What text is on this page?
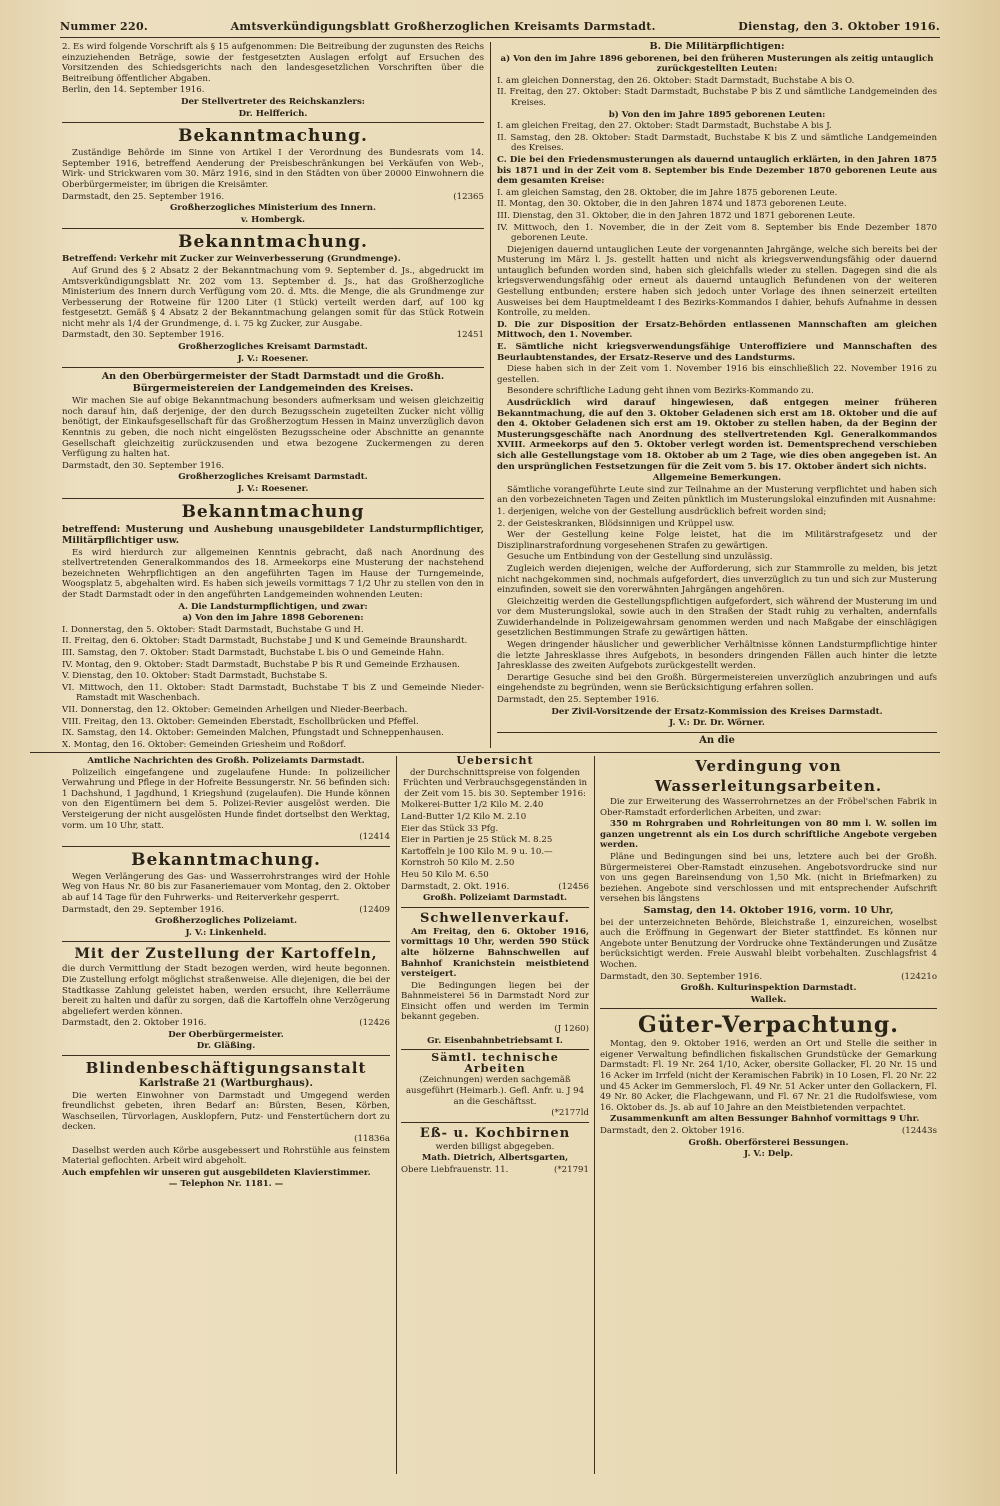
Nummer 220.	Amtsverkündigungsblatt Großherzoglichen Kreisamts Darmstadt.	Dienstag, den 3. Oktober 1916.

2. Es wird folgende Vorschrift als § 15 aufgenommen: Die Beitreibung der zugunsten des Reichs einzuziehenden Beträge, sowie der festgesetzten Auslagen erfolgt auf Ersuchen des Vorsitzenden des Schiedsgerichts nach den landesgesetzlichen Vorschriften über die Beitreibung öffentlicher Abgaben.

Berlin, den 14. September 1916.

Der Stellvertreter des Reichskanzlers:

Dr. Helfferich.

Bekanntmachung.

Zuständige Behörde im Sinne von Artikel I der Verordnung des Bundesrats vom 14. September 1916, betreffend Aenderung der Preisbeschränkungen bei Verkäufen von Web-, Wirk- und Strickwaren vom 30. März 1916, sind in den Städten von über 20000 Einwohnern die Oberbürgermeister, im übrigen die Kreisämter.

Darmstadt, den 25. September 1916.	(12365

Großherzogliches Ministerium des Innern.

v. Hombergk.

Bekanntmachung.

Betreffend: Verkehr mit Zucker zur Weinverbesserung (Grundmenge).

Auf Grund des § 2 Absatz 2 der Bekanntmachung vom 9. September d. Js., abgedruckt im Amtsverkündigungsblatt Nr. 202 vom 13. September d. Js., hat das Großherzogliche Ministerium des Innern durch Verfügung vom 20. d. Mts. die Menge, die als Grundmenge zur Verbesserung der Rotweine für 1200 Liter (1 Stück) verteilt werden darf, auf 100 kg festgesetzt. Gemäß § 4 Absatz 2 der Bekanntmachung gelangen somit für das Stück Rotwein nicht mehr als 1/4 der Grundmenge, d. i. 75 kg Zucker, zur Ausgabe.

Darmstadt, den 30. September 1916.	12451

Großherzogliches Kreisamt Darmstadt.

J. V.: Roesener.

An den Oberbürgermeister der Stadt Darmstadt und die Großh. Bürgermeistereien der Landgemeinden des Kreises.

Wir machen Sie auf obige Bekanntmachung besonders aufmerksam und weisen gleichzeitig noch darauf hin, daß derjenige, der den durch Bezugsschein zugeteilten Zucker nicht völlig benötigt, der Einkaufsgesellschaft für das Großherzogtum Hessen in Mainz unverzüglich davon Kenntnis zu geben, die noch nicht eingelösten Bezugsscheine oder Abschnitte an genannte Gesellschaft gleichzeitig zurückzusenden und etwa bezogene Zuckermengen zu deren Verfügung zu halten hat.

Darmstadt, den 30. September 1916.

Großherzogliches Kreisamt Darmstadt.

J. V.: Roesener.

Bekanntmachung

betreffend: Musterung und Aushebung unausgebildeter Landsturmpflichtiger, Militärpflichtiger usw.

Es wird hierdurch zur allgemeinen Kenntnis gebracht, daß nach Anordnung des stellvertretenden Generalkommandos des 18. Armeekorps eine Musterung der nachstehend bezeichneten Wehrpflichtigen an den angeführten Tagen im Hause der Turngemeinde, Woogsplatz 5, abgehalten wird. Es haben sich jeweils vormittags 7 1/2 Uhr zu stellen von den in der Stadt Darmstadt oder in den angeführten Landgemeinden wohnenden Leuten:

A. Die Landsturmpflichtigen, und zwar:

a) Von den im Jahre 1898 Geborenen:

I. Donnerstag, den 5. Oktober: Stadt Darmstadt, Buchstabe G und H.

II. Freitag, den 6. Oktober: Stadt Darmstadt, Buchstabe J und K und Gemeinde Braunshardt.

III. Samstag, den 7. Oktober: Stadt Darmstadt, Buchstabe L bis O und Gemeinde Hahn.

IV. Montag, den 9. Oktober: Stadt Darmstadt, Buchstabe P bis R und Gemeinde Erzhausen.

V. Dienstag, den 10. Oktober: Stadt Darmstadt, Buchstabe S.

VI. Mittwoch, den 11. Oktober: Stadt Darmstadt, Buchstabe T bis Z und Gemeinde Nieder-Ramstadt mit Waschenbach.

VII. Donnerstag, den 12. Oktober: Gemeinden Arheilgen und Nieder-Beerbach.

VIII. Freitag, den 13. Oktober: Gemeinden Eberstadt, Eschollbrücken und Pfeffel.

IX. Samstag, den 14. Oktober: Gemeinden Malchen, Pfungstadt und Schneppenhausen.

X. Montag, den 16. Oktober: Gemeinden Griesheim und Roßdorf.

B. Die Militärpflichtigen:

a) Von den im Jahre 1896 geborenen, bei den früheren Musterungen als zeitig untauglich zurückgestellten Leuten:

I. am gleichen Donnerstag, den 26. Oktober: Stadt Darmstadt, Buchstabe A bis O.

II. Freitag, den 27. Oktober: Stadt Darmstadt, Buchstabe P bis Z und sämtliche Landgemeinden des Kreises.

b) Von den im Jahre 1895 geborenen Leuten:

I. am gleichen Freitag, den 27. Oktober: Stadt Darmstadt, Buchstabe A bis J.

II. Samstag, den 28. Oktober: Stadt Darmstadt, Buchstabe K bis Z und sämtliche Landgemeinden des Kreises.

C. Die bei den Friedensmusterungen als dauernd untauglich erklärten, in den Jahren 1875 bis 1871 und in der Zeit vom 8. September bis Ende Dezember 1870 geborenen Leute aus dem gesamten Kreise:

I. am gleichen Samstag, den 28. Oktober, die im Jahre 1875 geborenen Leute.

II. Montag, den 30. Oktober, die in den Jahren 1874 und 1873 geborenen Leute.

III. Dienstag, den 31. Oktober, die in den Jahren 1872 und 1871 geborenen Leute.

IV. Mittwoch, den 1. November, die in der Zeit vom 8. September bis Ende Dezember 1870 geborenen Leute.

Diejenigen dauernd untauglichen Leute der vorgenannten Jahrgänge, welche sich bereits bei der Musterung im März l. Js. gestellt hatten und nicht als kriegsverwendungsfähig oder dauernd untauglich befunden worden sind, haben sich gleichfalls wieder zu stellen. Dagegen sind die als kriegsverwendungsfähig oder erneut als dauernd untauglich Befundenen von der weiteren Gestellung entbunden; erstere haben sich jedoch unter Vorlage des ihnen seinerzeit erteilten Ausweises bei dem Hauptmeldeamt I des Bezirks-Kommandos I dahier, behufs Aufnahme in dessen Kontrolle, zu melden.

D. Die zur Disposition der Ersatz-Behörden entlassenen Mannschaften am gleichen Mittwoch, den 1. November.

E. Sämtliche nicht kriegsverwendungsfähige Unteroffiziere und Mannschaften des Beurlaubtenstandes, der Ersatz-Reserve und des Landsturms.

Diese haben sich in der Zeit vom 1. November 1916 bis einschließlich 22. November 1916 zu gestellen.

Besondere schriftliche Ladung geht ihnen vom Bezirks-Kommando zu.

Ausdrücklich wird darauf hingewiesen, daß entgegen meiner früheren Bekanntmachung, die auf den 3. Oktober Geladenen sich erst am 18. Oktober und die auf den 4. Oktober Geladenen sich erst am 19. Oktober zu stellen haben, da der Beginn der Musterungsgeschäfte nach Anordnung des stellvertretenden Kgl. Generalkommandos XVIII. Armeekorps auf den 5. Oktober verlegt worden ist. Dementsprechend verschieben sich alle Gestellungstage vom 18. Oktober ab um 2 Tage, wie dies oben angegeben ist. An den ursprünglichen Festsetzungen für die Zeit vom 5. bis 17. Oktober ändert sich nichts.

Allgemeine Bemerkungen.

Sämtliche vorangeführte Leute sind zur Teilnahme an der Musterung verpflichtet und haben sich an den vorbezeichneten Tagen und Zeiten pünktlich im Musterungslokal einzufinden mit Ausnahme:

1. derjenigen, welche von der Gestellung ausdrücklich befreit worden sind;

2. der Geisteskranken, Blödsinnigen und Krüppel usw.

Wer der Gestellung keine Folge leistet, hat die im Militärstrafgesetz und der Disziplinarstrafordnung vorgesehenen Strafen zu gewärtigen.

Gesuche um Entbindung von der Gestellung sind unzulässig.

Zugleich werden diejenigen, welche der Aufforderung, sich zur Stammrolle zu melden, bis jetzt nicht nachgekommen sind, nochmals aufgefordert, dies unverzüglich zu tun und sich zur Musterung einzufinden, soweit sie den vorerwähnten Jahrgängen angehören.

Gleichzeitig werden die Gestellungspflichtigen aufgefordert, sich während der Musterung im und vor dem Musterungslokal, sowie auch in den Straßen der Stadt ruhig zu verhalten, andernfalls Zuwiderhandelnde in Polizeigewahrsam genommen werden und nach Maßgabe der einschlägigen gesetzlichen Bestimmungen Strafe zu gewärtigen hätten.

Wegen dringender häuslicher und gewerblicher Verhältnisse können Landsturmpflichtige hinter die letzte Jahresklasse ihres Aufgebots, in besonders dringenden Fällen auch hinter die letzte Jahresklasse des zweiten Aufgebots zurückgestellt werden.

Derartige Gesuche sind bei den Großh. Bürgermeistereien unverzüglich anzubringen und aufs eingehendste zu begründen, wenn sie Berücksichtigung erfahren sollen.

Darmstadt, den 25. September 1916.

Der Zivil-Vorsitzende der Ersatz-Kommission des Kreises Darmstadt.

J. V.: Dr. Dr. Wörner.

An die

Amtliche Nachrichten des Großh. Polizeiamts Darmstadt.

Polizeilich eingefangene und zugelaufene Hunde: In polizeilicher Verwahrung und Pflege in der Hofreite Bessungerstr. Nr. 56 befinden sich: 1 Dachshund, 1 Jagdhund, 1 Kriegshund (zugelaufen). Die Hunde können von den Eigentümern bei dem 5. Polizei-Revier ausgelöst werden. Die Versteigerung der nicht ausgelösten Hunde findet dortselbst den Werktag, vorm. um 10 Uhr, statt.

(12414

Bekanntmachung.

Wegen Verlängerung des Gas- und Wasserrohrstranges wird der Hohle Weg von Haus Nr. 80 bis zur Fasaneriemauer vom Montag, den 2. Oktober ab auf 14 Tage für den Fuhrwerks- und Reiterverkehr gesperrt.

Darmstadt, den 29. September 1916.	(12409

Großherzogliches Polizeiamt.

J. V.: Linkenheld.

Mit der Zustellung der Kartoffeln,

die durch Vermittlung der Stadt bezogen werden, wird heute begonnen. Die Zustellung erfolgt möglichst straßenweise. Alle diejenigen, die bei der Stadtkasse Zahlung geleistet haben, werden ersucht, ihre Kellerräume bereit zu halten und dafür zu sorgen, daß die Kartoffeln ohne Verzögerung abgeliefert werden können.

Darmstadt, den 2. Oktober 1916.	(12426

Der Oberbürgermeister.

Dr. Gläßing.

Blindenbeschäftigungsanstalt

Karlstraße 21 (Wartburghaus).

Die werten Einwohner von Darmstadt und Umgegend werden freundlichst gebeten, ihren Bedarf an: Bürsten, Besen, Körben, Waschseilen, Türvorlagen, Ausklopfern, Putz- und Fenstertüchern dort zu decken.

(11836a

Daselbst werden auch Körbe ausgebessert und Rohrstühle aus feinstem Material geflochten. Arbeit wird abgeholt.

Auch empfehlen wir unseren gut ausgebildeten Klavierstimmer.

— Telephon Nr. 1181. —

Uebersicht

der Durchschnittspreise von folgenden Früchten und Verbrauchsgegenständen in der Zeit vom 15. bis 30. September 1916:

Molkerei-Butter 1/2 Kilo M. 2.40

Land-Butter 1/2 Kilo M. 2.10

Eier das Stück 33 Pfg.

Eier in Partien je 25 Stück M. 8.25

Kartoffeln je 100 Kilo M. 9 u. 10.—

Kornstroh 50 Kilo M. 2.50

Heu 50 Kilo M. 6.50

Darmstadt, 2. Okt. 1916.	(12456

Großh. Polizeiamt Darmstadt.

Schwellenverkauf.

Am Freitag, den 6. Oktober 1916, vormittags 10 Uhr, werden 590 Stück alte hölzerne Bahnschwellen auf Bahnhof Kranichstein meistbietend versteigert.

Die Bedingungen liegen bei der Bahnmeisterei 56 in Darmstadt Nord zur Einsicht offen und werden im Termin bekannt gegeben.

(J 1260)

Gr. Eisenbahnbetriebsamt I.

Sämtl. technische Arbeiten

(Zeichnungen) werden sachgemäß ausgeführt (Heimarb.). Gefl. Anfr. u. J 94 an die Geschäftsst.

(*2177ld

Eß- u. Kochbirnen

werden billigst abgegeben.

Math. Dietrich, Albertsgarten,

Obere Liebfrauenstr. 11.	(*21791

Verdingung von Wasserleitungsarbeiten.

Die zur Erweiterung des Wasserrohrnetzes an der Fröbel'schen Fabrik in Ober-Ramstadt erforderlichen Arbeiten, und zwar:

350 m Rohrgraben und Rohrleitungen von 80 mm l. W. sollen im ganzen ungetrennt als ein Los durch schriftliche Angebote vergeben werden.

Pläne und Bedingungen sind bei uns, letztere auch bei der Großh. Bürgermeisterei Ober-Ramstadt einzusehen. Angebotsvordrucke sind nur von uns gegen Bareinsendung von 1,50 Mk. (nicht in Briefmarken) zu beziehen. Angebote sind verschlossen und mit entsprechender Aufschrift versehen bis längstens

Samstag, den 14. Oktober 1916, vorm. 10 Uhr,

bei der unterzeichneten Behörde, Bleichstraße 1, einzureichen, woselbst auch die Eröffnung in Gegenwart der Bieter stattfindet. Es können nur Angebote unter Benutzung der Vordrucke ohne Textänderungen und Zusätze berücksichtigt werden. Freie Auswahl bleibt vorbehalten. Zuschlagsfrist 4 Wochen.

Darmstadt, den 30. September 1916.	(12421o

Großh. Kulturinspektion Darmstadt.

Wallek.

Güter-Verpachtung.

Montag, den 9. Oktober 1916, werden an Ort und Stelle die seither in eigener Verwaltung befindlichen fiskalischen Grundstücke der Gemarkung Darmstadt: Fl. 19 Nr. 264 1/10, Acker, obersite Gollacker, Fl. 20 Nr. 15 und 16 Acker im Irrfeld (nicht der Keramischen Fabrik) in 10 Losen, Fl. 20 Nr. 22 und 45 Acker im Gemmersloch, Fl. 49 Nr. 51 Acker unter den Gollackern, Fl. 49 Nr. 80 Acker, die Flachgewann, und Fl. 67 Nr. 21 die Rudolfswiese, vom 16. Oktober ds. Js. ab auf 10 Jahre an den Meistbietenden verpachtet.

Zusammenkunft am alten Bessunger Bahnhof vormittags 9 Uhr.

Darmstadt, den 2. Oktober 1916.	(12443s

Großh. Oberförsterei Bessungen.

J. V.: Delp.
